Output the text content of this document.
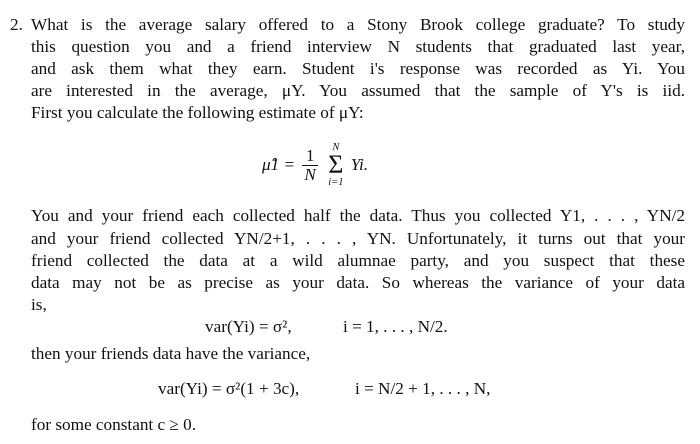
2. What is the average salary offered to a Stony Brook college graduate? To study
this question you and a friend interview N students that graduated last year,
and ask them what they earn. Student i's response was recorded as Yi. You
are interested in the average, μY. You assumed that the sample of Y's is iid.
First you calculate the following estimate of μY:
μ̂1 = $\frac{1}{N}$
	N
Σ
i=1
Yi.
You and your friend each collected half the data. Thus you collected Y1, . . . , YN/2
and your friend collected YN/2+1, . . . , YN. Unfortunately, it turns out that your
friend collected the data at a wild alumnae party, and you suspect that these
data may not be as precise as your data. So whereas the variance of your data
is,
var(Yi) = σ²,	i = 1, . . . , N/2.
then your friends data have the variance,
var(Yi) = σ²(1 + 3c),	i = N/2 + 1, . . . , N,
for some constant c ≥ 0.
